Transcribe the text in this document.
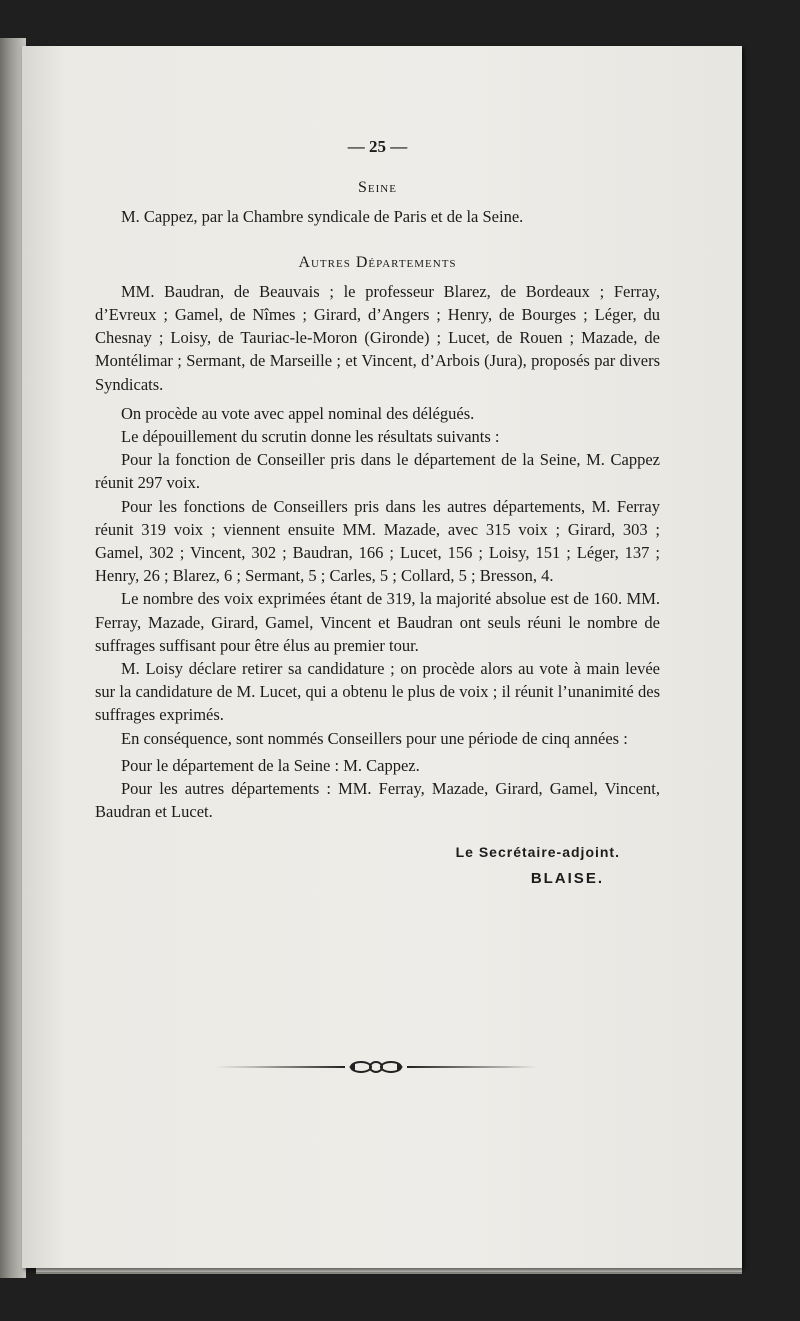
— 25 —

Seine

M. Cappez, par la Chambre syndicale de Paris et de la Seine.

Autres Départements

MM. Baudran, de Beauvais ; le professeur Blarez, de Bordeaux ; Ferray, d’Evreux ; Gamel, de Nîmes ; Girard, d’Angers ; Henry, de Bourges ; Léger, du Chesnay ; Loisy, de Tauriac-le-Moron (Gironde) ; Lucet, de Rouen ; Mazade, de Montélimar ; Sermant, de Marseille ; et Vincent, d’Arbois (Jura), proposés par divers Syndicats.

On procède au vote avec appel nominal des délégués.

Le dépouillement du scrutin donne les résultats suivants :

Pour la fonction de Conseiller pris dans le département de la Seine, M. Cappez réunit 297 voix.

Pour les fonctions de Conseillers pris dans les autres départements, M. Ferray réunit 319 voix ; viennent ensuite MM. Mazade, avec 315 voix ; Girard, 303 ; Gamel, 302 ; Vincent, 302 ; Baudran, 166 ; Lucet, 156 ; Loisy, 151 ; Léger, 137 ; Henry, 26 ; Blarez, 6 ; Sermant, 5 ; Carles, 5 ; Collard, 5 ; Bresson, 4.

Le nombre des voix exprimées étant de 319, la majorité absolue est de 160. MM. Ferray, Mazade, Girard, Gamel, Vincent et Baudran ont seuls réuni le nombre de suffrages suffisant pour être élus au premier tour.

M. Loisy déclare retirer sa candidature ; on procède alors au vote à main levée sur la candidature de M. Lucet, qui a obtenu le plus de voix ; il réunit l’unanimité des suffrages exprimés.

En conséquence, sont nommés Conseillers pour une période de cinq années :

Pour le département de la Seine : M. Cappez.

Pour les autres départements : MM. Ferray, Mazade, Girard, Gamel, Vincent, Baudran et Lucet.

Le Secrétaire-adjoint.
BLAISE.
